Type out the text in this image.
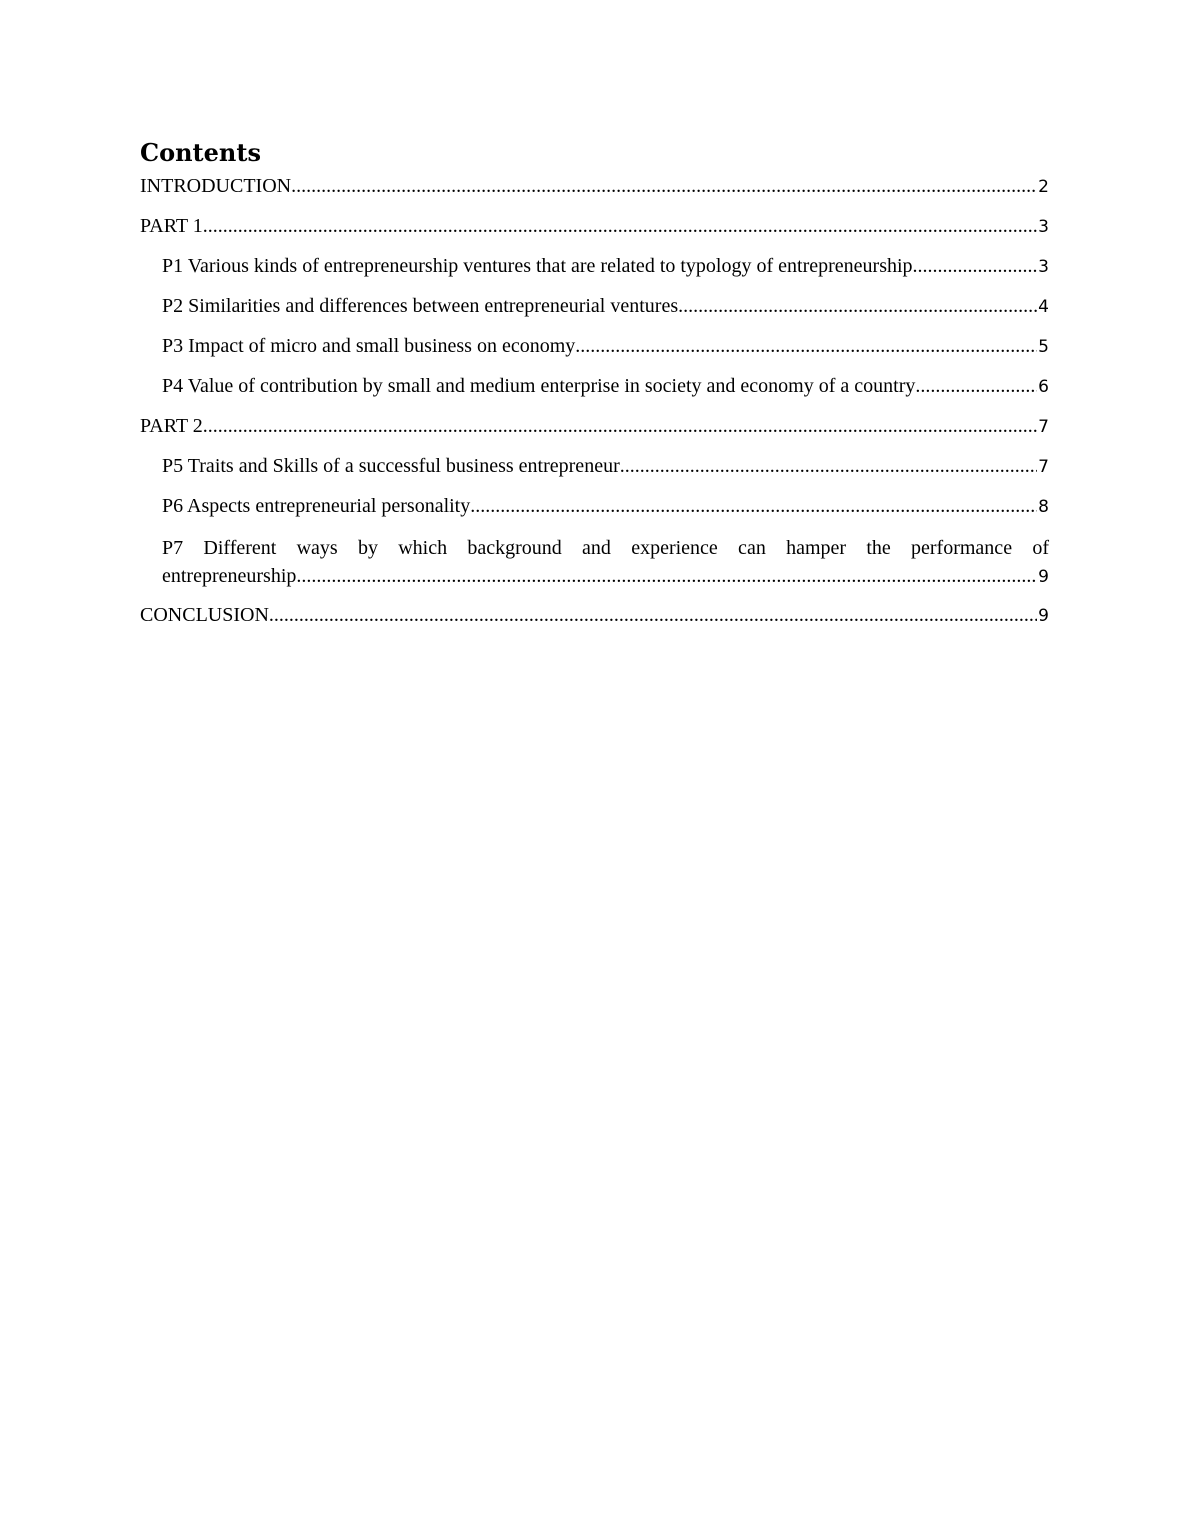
Contents
INTRODUCTION .....	2
PART 1 .....	3
P1 Various kinds of entrepreneurship ventures that are related to typology of entrepreneurship .....	3
P2 Similarities and differences between entrepreneurial ventures .....	4
P3 Impact of micro and small business on economy .....	5
P4 Value of contribution by small and medium enterprise in society and economy of a country .....	6
PART 2 .....	7
P5 Traits and Skills of a successful business entrepreneur .....	7
P6 Aspects entrepreneurial personality .....	8
P7 Different ways by which background and experience can hamper the performance of
entrepreneurship .....	9
CONCLUSION .....	9
